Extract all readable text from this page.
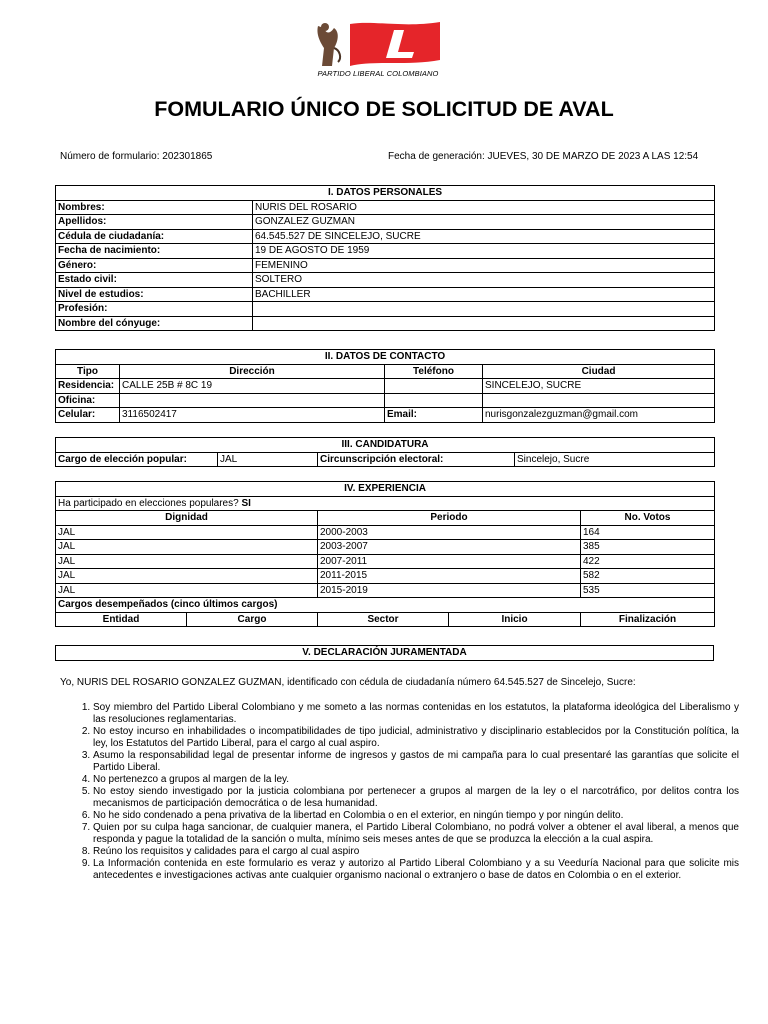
PARTIDO LIBERAL COLOMBIANO
FOMULARIO ÚNICO DE SOLICITUD DE AVAL
Número de formulario: 202301865	Fecha de generación: JUEVES, 30 DE MARZO DE 2023 A LAS 12:54
I. DATOS PERSONALES	
Nombres:	NURIS DEL ROSARIO
Apellidos:	GONZALEZ GUZMAN
Cédula de ciudadanía:	64.545.527 DE SINCELEJO, SUCRE
Fecha de nacimiento:	19 DE AGOSTO DE 1959
Género:	FEMENINO
Estado civil:	SOLTERO
Nivel de estudios:	BACHILLER
Profesión:	
Nombre del cónyuge:	
II. DATOS DE CONTACTO			
Tipo	Dirección	Teléfono	Ciudad
Residencia:	CALLE 25B # 8C 19		SINCELEJO, SUCRE
Oficina:			
Celular:	3116502417	Email:	nurisgonzalezguzman@gmail.com
III. CANDIDATURA
Cargo de elección popular:	JAL	Circunscripción electoral:	Sincelejo, Sucre
IV. EXPERIENCIA				
Ha participado en elecciones populares? SI				
Dignidad		Periodo		No. Votos
JAL		2000-2003		164
JAL		2003-2007		385
JAL		2007-2011		422
JAL		2011-2015		582
JAL		2015-2019		535
Cargos desempeñados (cinco últimos cargos)				
Entidad	Cargo	Sector	Inicio	Finalización
V. DECLARACIÓN JURAMENTADA
Yo, NURIS DEL ROSARIO GONZALEZ GUZMAN, identificado con cédula de ciudadanía número 64.545.527 de Sincelejo, Sucre:
1. Soy miembro del Partido Liberal Colombiano y me someto a las normas contenidas en los estatutos, la plataforma ideológica del Liberalismo y las resoluciones reglamentarias.
2. No estoy incurso en inhabilidades o incompatibilidades de tipo judicial, administrativo y disciplinario establecidos por la Constitución política, la ley, los Estatutos del Partido Liberal, para el cargo al cual aspiro.
3. Asumo la responsabilidad legal de presentar informe de ingresos y gastos de mi campaña para lo cual presentaré las garantías que solicite el Partido Liberal.
4. No pertenezco a grupos al margen de la ley.
5. No estoy siendo investigado por la justicia colombiana por pertenecer a grupos al margen de la ley o el narcotráfico, por delitos contra los mecanismos de participación democrática o de lesa humanidad.
6. No he sido condenado a pena privativa de la libertad en Colombia o en el exterior, en ningún tiempo y por ningún delito.
7. Quien por su culpa haga sancionar, de cualquier manera, el Partido Liberal Colombiano, no podrá volver a obtener el aval liberal, a menos que responda y pague la totalidad de la sanción o multa, mínimo seis meses antes de que se produzca la elección a la cual aspira.
8. Reúno los requisitos y calidades para el cargo al cual aspiro
9. La Información contenida en este formulario es veraz y autorizo al Partido Liberal Colombiano y a su Veeduría Nacional para que solicite mis antecedentes e investigaciones activas ante cualquier organismo nacional o extranjero o base de datos en Colombia o en el exterior.
